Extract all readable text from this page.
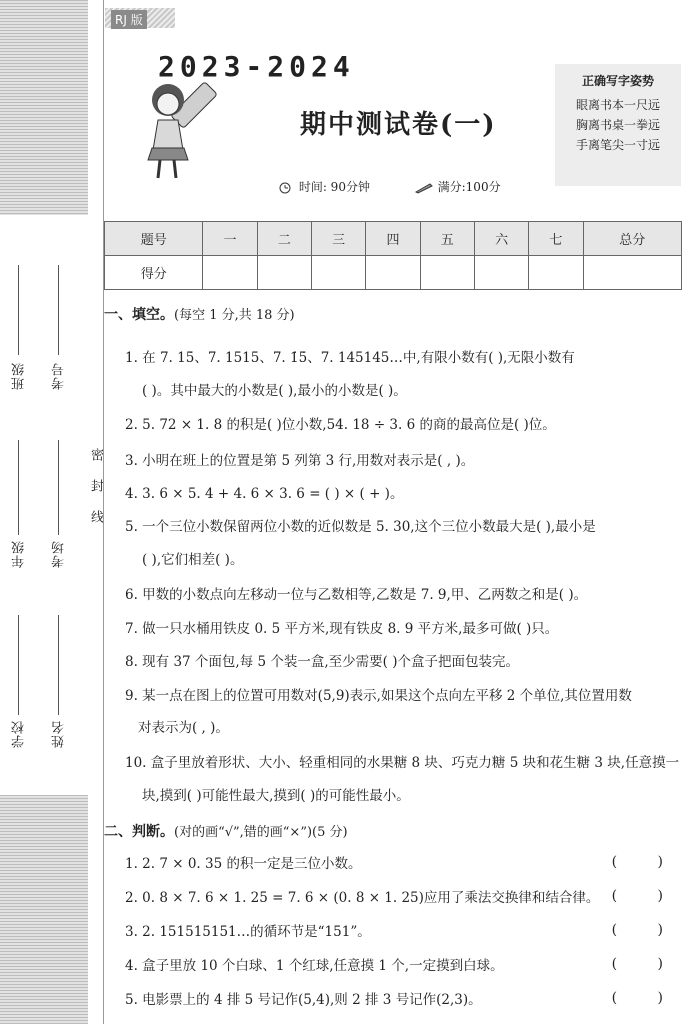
班级 考号
年级 考场
学校 姓名
密封线
RJ 版
2023-2024
期中测试卷(一)
时间: 90分钟	满分:100分
正确写字姿势
眼离书本一尺远
胸离书桌一拳远
手离笔尖一寸远
题号	一	二	三	四	五	六	七	总分
得分								
一、填空。(每空 1 分,共 18 分)
1. 在 7. 15̇、7. 1515、7. 1̇5̇、7. 145145…中,有限小数有( ),无限小数有
( )。其中最大的小数是( ),最小的小数是( )。
2. 5. 72 × 1. 8 的积是( )位小数,54. 18 ÷ 3. 6 的商的最高位是( )位。
3. 小明在班上的位置是第 5 列第 3 行,用数对表示是( , )。
4. 3. 6 × 5. 4 + 4. 6 × 3. 6 = ( ) × ( + )。
5. 一个三位小数保留两位小数的近似数是 5. 30,这个三位小数最大是( ),最小是
( ),它们相差( )。
6. 甲数的小数点向左移动一位与乙数相等,乙数是 7. 9,甲、乙两数之和是( )。
7. 做一只水桶用铁皮 0. 5 平方米,现有铁皮 8. 9 平方米,最多可做( )只。
8. 现有 37 个面包,每 5 个装一盒,至少需要( )个盒子把面包装完。
9. 某一点在图上的位置可用数对(5,9)表示,如果这个点向左平移 2 个单位,其位置用数
对表示为( , )。
10. 盒子里放着形状、大小、轻重相同的水果糖 8 块、巧克力糖 5 块和花生糖 3 块,任意摸一
块,摸到( )可能性最大,摸到( )的可能性最小。
二、判断。(对的画“√”,错的画“×”)(5 分)
1. 2. 7 × 0. 35 的积一定是三位小数。	( )
2. 0. 8 × 7. 6 × 1. 25 = 7. 6 × (0. 8 × 1. 25)应用了乘法交换律和结合律。 ( )
3. 2. 151515151…的循环节是“151”。	( )
4. 盒子里放 10 个白球、1 个红球,任意摸 1 个,一定摸到白球。	( )
5. 电影票上的 4 排 5 号记作(5,4),则 2 排 3 号记作(2,3)。	( )
